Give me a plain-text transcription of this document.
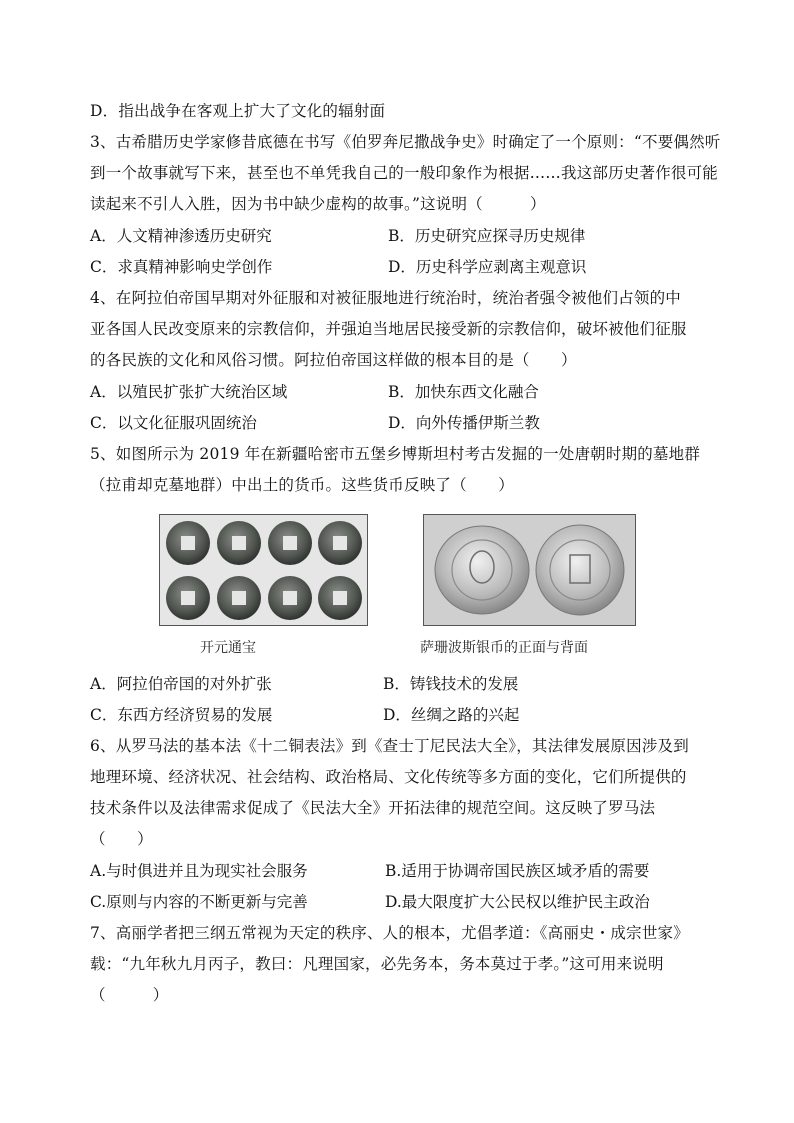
D．指出战争在客观上扩大了文化的辐射面
3、古希腊历史学家修昔底德在书写《伯罗奔尼撒战争史》时确定了一个原则：“不要偶然听
到一个故事就写下来，甚至也不单凭我自己的一般印象作为根据……我这部历史著作很可能
读起来不引人入胜，因为书中缺少虚构的故事。”这说明（　　　）
A．人文精神渗透历史研究	B．历史研究应探寻历史规律
C．求真精神影响史学创作	D．历史科学应剥离主观意识
4、在阿拉伯帝国早期对外征服和对被征服地进行统治时，统治者强令被他们占领的中
亚各国人民改变原来的宗教信仰，并强迫当地居民接受新的宗教信仰，破坏被他们征服
的各民族的文化和风俗习惯。阿拉伯帝国这样做的根本目的是（　　）
A．以殖民扩张扩大统治区域	B．加快东西文化融合
C．以文化征服巩固统治	D．向外传播伊斯兰教
5、如图所示为 2019 年在新疆哈密市五堡乡博斯坦村考古发掘的一处唐朝时期的墓地群
（拉甫却克墓地群）中出土的货币。这些货币反映了（　　）
开元通宝	萨珊波斯银币的正面与背面
A．阿拉伯帝国的对外扩张	B．铸钱技术的发展
C．东西方经济贸易的发展	D．丝绸之路的兴起
6、从罗马法的基本法《十二铜表法》到《查士丁尼民法大全》，其法律发展原因涉及到
地理环境、经济状况、社会结构、政治格局、文化传统等多方面的变化，它们所提供的
技术条件以及法律需求促成了《民法大全》开拓法律的规范空间。这反映了罗马法
（　　）
A.与时俱进并且为现实社会服务	B.适用于协调帝国民族区域矛盾的需要
C.原则与内容的不断更新与完善	D.最大限度扩大公民权以维护民主政治
7、高丽学者把三纲五常视为天定的秩序、人的根本，尤倡孝道：《高丽史・成宗世家》
载：“九年秋九月丙子，教曰：凡理国家，必先务本，务本莫过于孝。”这可用来说明
（　　　）
